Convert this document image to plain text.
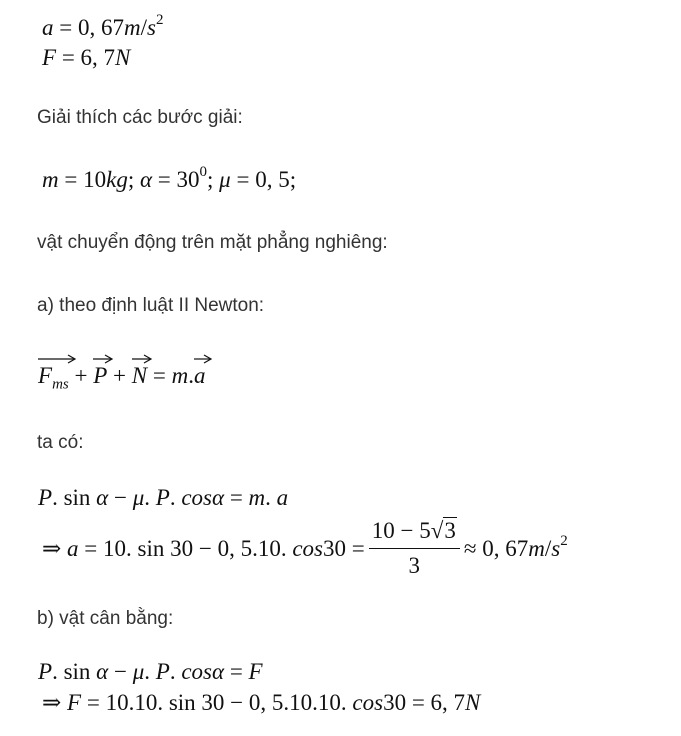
a = 0, $67m/s^2$
F = 6, 7N
Giải thích các bước giải:
m = 10kg; $\alpha = 30^0$; μ = 0, 5;
vật chuyển động trên mặt phẳng nghiêng:
a) theo định luật II Newton:
$F_{ms}$ +
P +
N = m.
a
ta có:
P. sin α − μ. P. cosα = m. a
⇒ a = 10. sin 30 − 0, 5.10. $\cos 30 = \frac{10 - 5√3}{3} \approx 0$, $67m/s^2$
b) vật cân bằng:
P. sin α − μ. P. cosα = F
⇒ F = 10.10. sin 30 − 0, 5.10.10. cos30 = 6, 7N
